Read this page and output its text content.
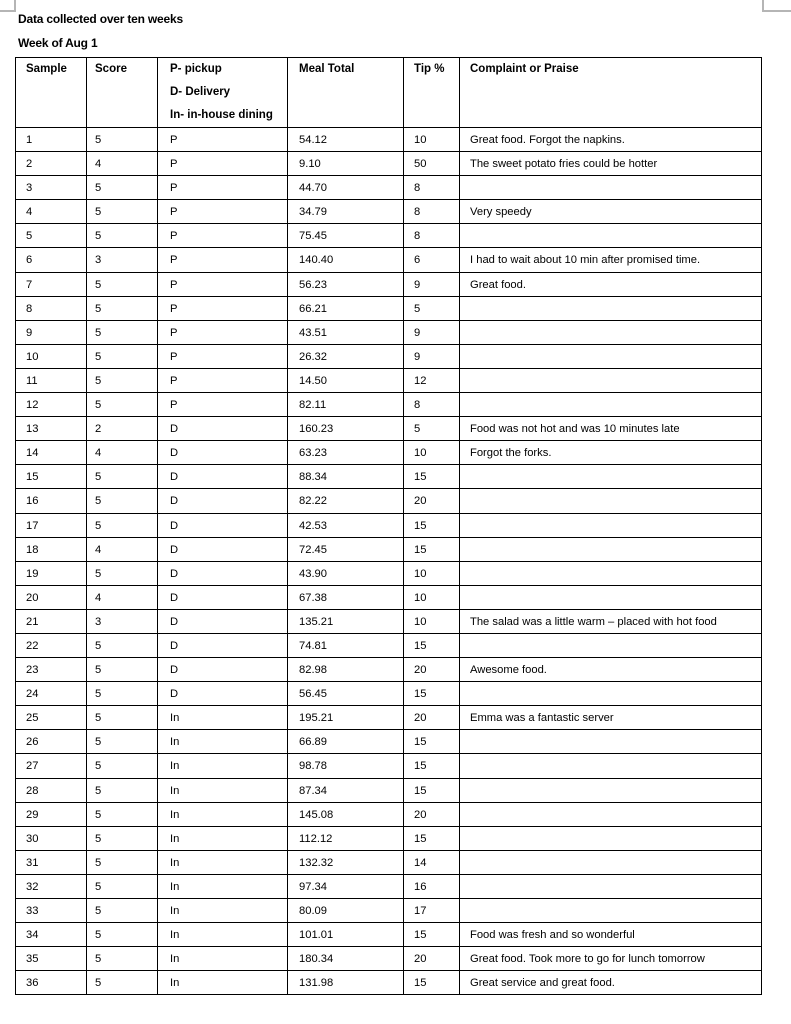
Data collected over ten weeks
Week of Aug 1
Sample	Score	P- pickup
D- Delivery
In- in-house dining	Meal Total	Tip %	Complaint or Praise

1	5	P	54.12	10	Great food. Forgot the napkins.
2	4	P	9.10	50	The sweet potato fries could be hotter
3	5	P	44.70	8	
4	5	P	34.79	8	Very speedy
5	5	P	75.45	8	
6	3	P	140.40	6	I had to wait about 10 min after promised time.
7	5	P	56.23	9	Great food.
8	5	P	66.21	5	
9	5	P	43.51	9	
10	5	P	26.32	9	
11	5	P	14.50	12	
12	5	P	82.11	8	
13	2	D	160.23	5	Food was not hot and was 10 minutes late
14	4	D	63.23	10	Forgot the forks.
15	5	D	88.34	15	
16	5	D	82.22	20	
17	5	D	42.53	15	
18	4	D	72.45	15	
19	5	D	43.90	10	
20	4	D	67.38	10	
21	3	D	135.21	10	The salad was a little warm – placed with hot food
22	5	D	74.81	15	
23	5	D	82.98	20	Awesome food.
24	5	D	56.45	15	
25	5	In	195.21	20	Emma was a fantastic server
26	5	In	66.89	15	
27	5	In	98.78	15	
28	5	In	87.34	15	
29	5	In	145.08	20	
30	5	In	112.12	15	
31	5	In	132.32	14	
32	5	In	97.34	16	
33	5	In	80.09	17	
34	5	In	101.01	15	Food was fresh and so wonderful
35	5	In	180.34	20	Great food. Took more to go for lunch tomorrow
36	5	In	131.98	15	Great service and great food.
